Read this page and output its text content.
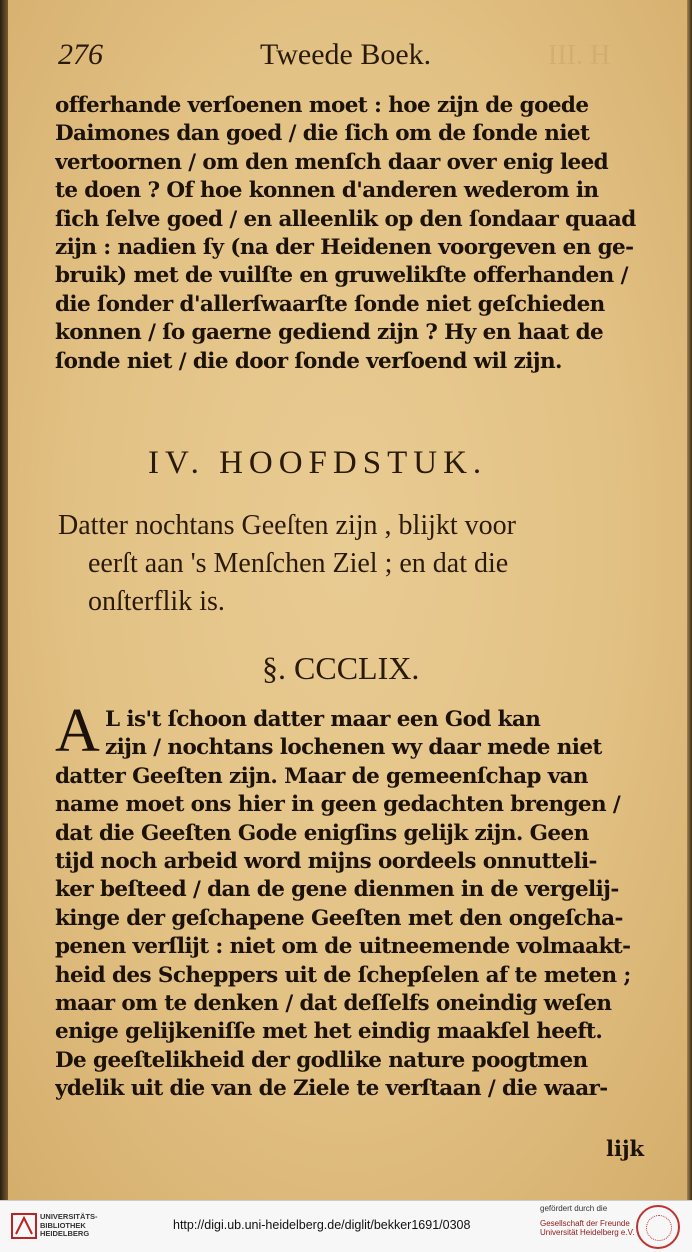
276	Tweede Boek.	III. H
offerhande verſoenen moet : hoe zijn de goede
Daimones dan goed / die ſich om de ſonde niet
vertoornen / om den menſch daar over enig leed
te doen ? Of hoe konnen d'anderen wederom in
ſich ſelve goed / en alleenlik op den ſondaar quaad
zijn : nadien ſy (na der Heidenen voorgeven en ge-
bruik) met de vuilſte en gruwelikſte offerhanden /
die ſonder d'allerſwaarſte ſonde niet geſchieden
konnen / ſo gaerne gediend zijn ? Hy en haat de
ſonde niet / die door ſonde verſoend wil zijn.
IV. HOOFDSTUK.
Datter nochtans Geeſten zijn , blijkt voor
eerſt aan 's Menſchen Ziel ; en dat die
onſterflik is.
§. CCCLIX.
A L is't ſchoon datter maar een God kan
zijn / nochtans lochenen wy daar mede niet
datter Geeſten zijn. Maar de gemeenſchap van
name moet ons hier in geen gedachten brengen /
dat die Geeſten Gode enigſins gelijk zijn. Geen
tijd noch arbeid word mijns oordeels onnutteli-
ker beſteed / dan de gene dienmen in de vergelij-
kinge der geſchapene Geeſten met den ongeſcha-
penen verſlijt : niet om de uitneemende volmaakt-
heid des Scheppers uit de ſchepſelen af te meten ;
maar om te denken / dat deſſelfs oneindig weſen
enige gelijkeniſſe met het eindig maakſel heeft.
De geeſtelikheid der godlike nature poogtmen
ydelik uit die van de Ziele te verſtaan / die waar-
lijk
UNIVERSITÄTS-
BIBLIOTHEK
HEIDELBERG
http://digi.ub.uni-heidelberg.de/diglit/bekker1691/0308
gefördert durch die
Gesellschaft der Freunde
Universität Heidelberg e.V.
